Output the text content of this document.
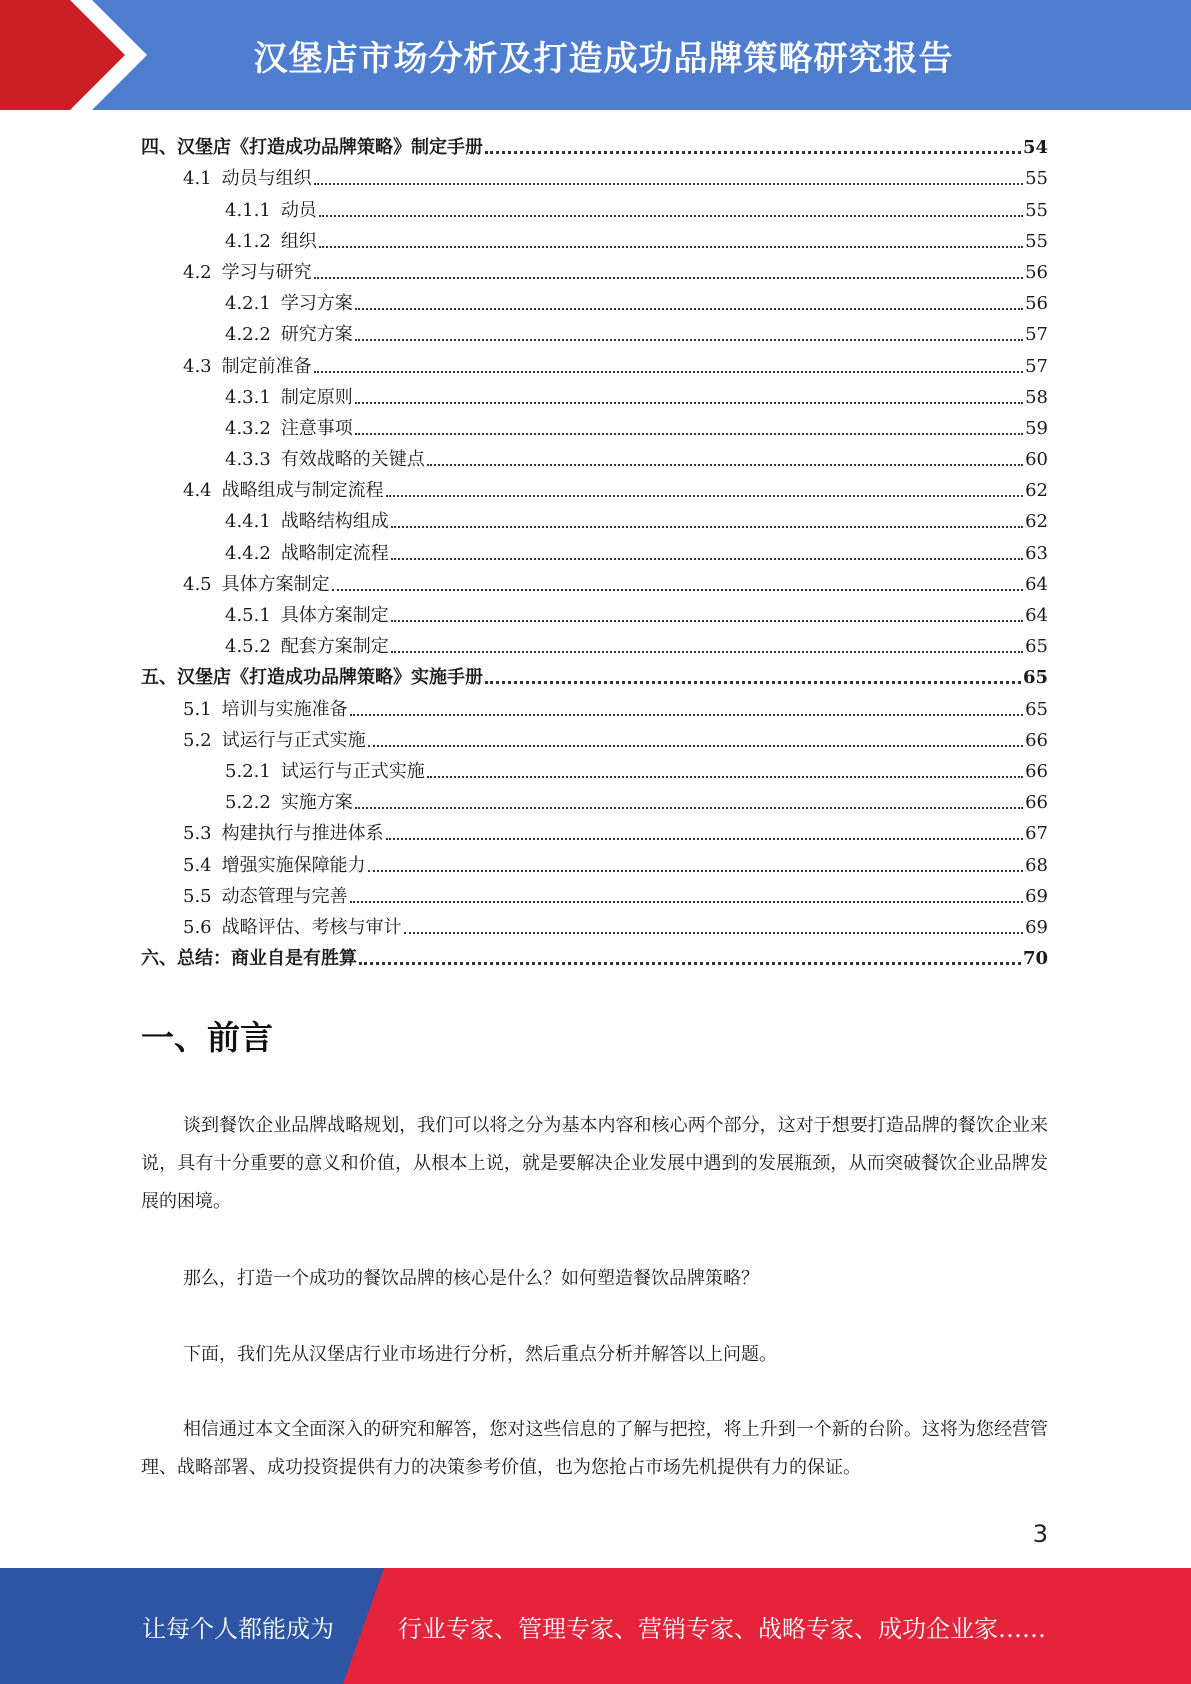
汉堡店市场分析及打造成功品牌策略研究报告
四、 汉堡店《打造成功品牌策略》制定手册	54
4.1 动员与组织	55
4.1.1 动员	55
4.1.2 组织	55
4.2 学习与研究	56
4.2.1 学习方案	56
4.2.2 研究方案	57
4.3 制定前准备	57
4.3.1 制定原则	58
4.3.2 注意事项	59
4.3.3 有效战略的关键点	60
4.4 战略组成与制定流程	62
4.4.1 战略结构组成	62
4.4.2 战略制定流程	63
4.5 具体方案制定	64
4.5.1 具体方案制定	64
4.5.2 配套方案制定	65
五、 汉堡店《打造成功品牌策略》实施手册	65
5.1 培训与实施准备	65
5.2 试运行与正式实施	66
5.2.1 试运行与正式实施	66
5.2.2 实施方案	66
5.3 构建执行与推进体系	67
5.4 增强实施保障能力	68
5.5 动态管理与完善	69
5.6 战略评估、考核与审计	69
六、 总结：商业自是有胜算	70
一、前言

谈到餐饮企业品牌战略规划，我们可以将之分为基本内容和核心两个部分，这对于想要打造品牌的餐饮企业来说，具有十分重要的意义和价值，从根本上说，就是要解决企业发展中遇到的发展瓶颈，从而突破餐饮企业品牌发展的困境。

那么，打造一个成功的餐饮品牌的核心是什么？如何塑造餐饮品牌策略？

下面，我们先从汉堡店行业市场进行分析，然后重点分析并解答以上问题。

相信通过本文全面深入的研究和解答，您对这些信息的了解与把控，将上升到一个新的台阶。这将为您经营管理、战略部署、成功投资提供有力的决策参考价值，也为您抢占市场先机提供有力的保证。

3
让每个人都能成为	行业专家、管理专家、营销专家、战略专家、成功企业家……
